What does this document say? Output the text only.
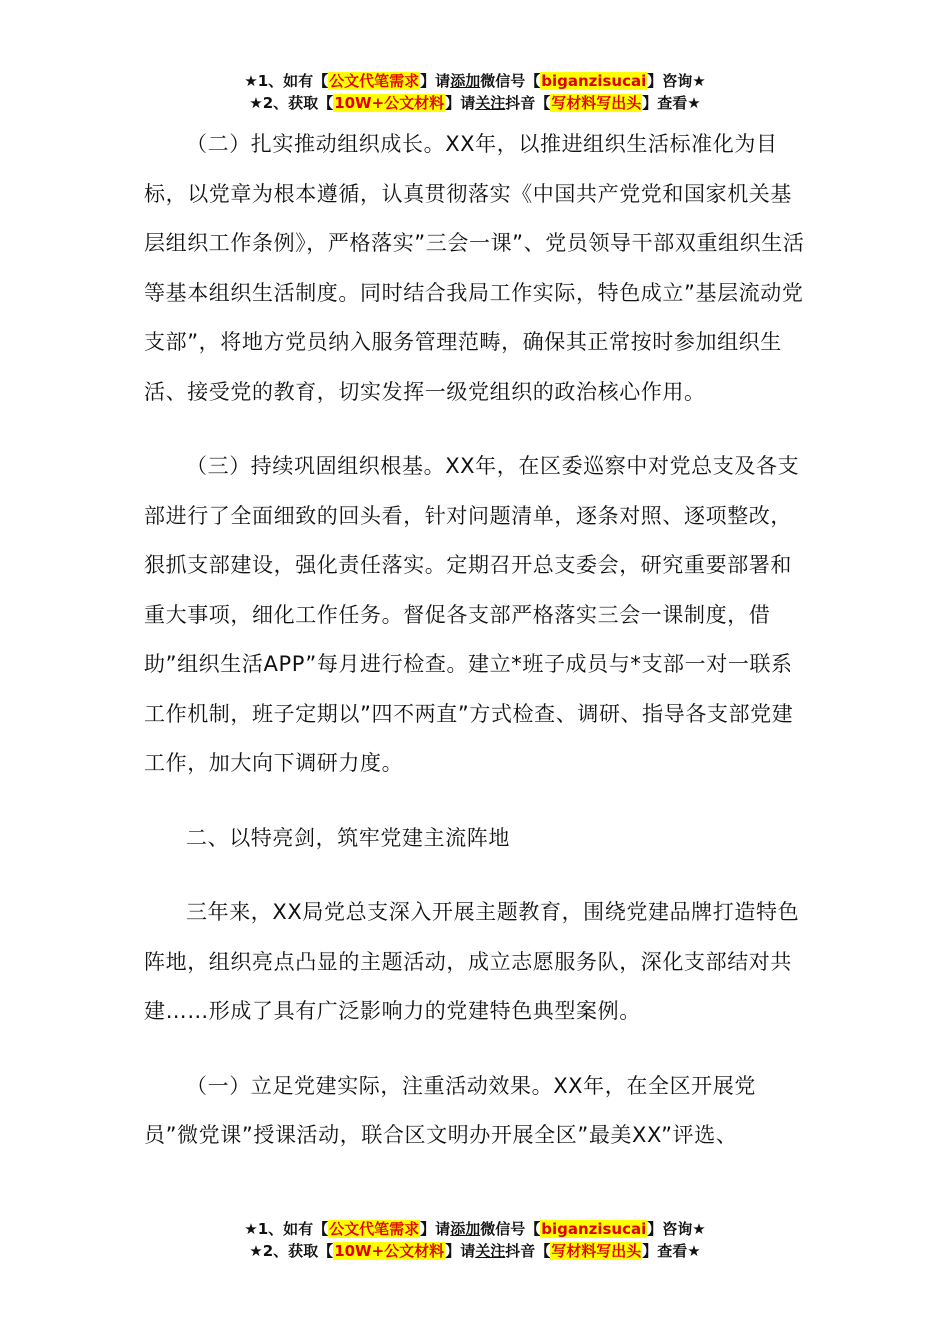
★1、如有【公文代笔需求】请添加微信号【biganzisucai】咨询★
★2、获取【10W+公文材料】请关注抖音【写材料写出头】查看★

（二）扎实推动组织成长。XX年，以推进组织生活标准化为目标，以党章为根本遵循，认真贯彻落实《中国共产党党和国家机关基层组织工作条例》，严格落实”三会一课”、党员领导干部双重组织生活等基本组织生活制度。同时结合我局工作实际，特色成立”基层流动党支部”，将地方党员纳入服务管理范畴，确保其正常按时参加组织生活、接受党的教育，切实发挥一级党组织的政治核心作用。

（三）持续巩固组织根基。XX年，在区委巡察中对党总支及各支部进行了全面细致的回头看，针对问题清单，逐条对照、逐项整改，狠抓支部建设，强化责任落实。定期召开总支委会，研究重要部署和重大事项，细化工作任务。督促各支部严格落实三会一课制度，借助”组织生活APP”每月进行检查。建立*班子成员与*支部一对一联系工作机制，班子定期以”四不两直”方式检查、调研、指导各支部党建工作，加大向下调研力度。

二、以特亮剑，筑牢党建主流阵地

三年来，XX局党总支深入开展主题教育，围绕党建品牌打造特色阵地，组织亮点凸显的主题活动，成立志愿服务队，深化支部结对共建……形成了具有广泛影响力的党建特色典型案例。

（一）立足党建实际，注重活动效果。XX年，在全区开展党员”微党课”授课活动，联合区文明办开展全区”最美XX”评选、

★1、如有【公文代笔需求】请添加微信号【biganzisucai】咨询★
★2、获取【10W+公文材料】请关注抖音【写材料写出头】查看★
